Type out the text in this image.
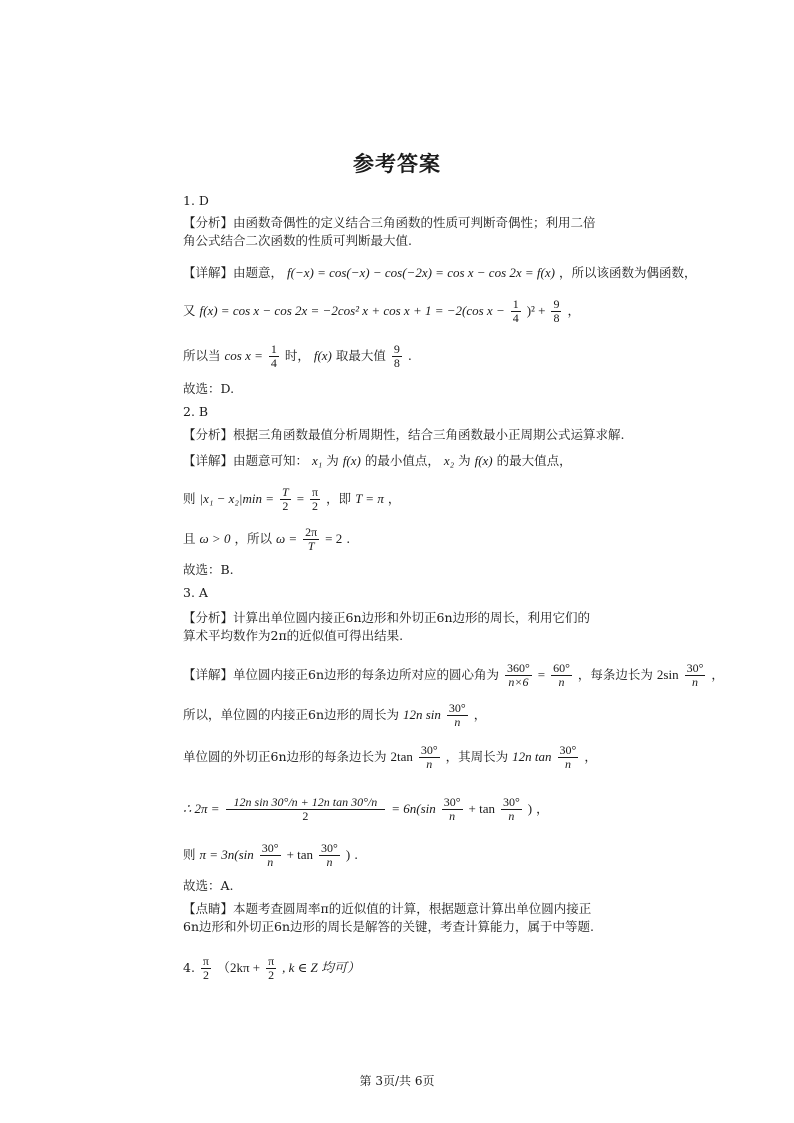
参考答案
1. D
【分析】由函数奇偶性的定义结合三角函数的性质可判断奇偶性；利用二倍角公式结合二次函数的性质可判断最大值.
【详解】由题意， f(−x) = cos(−x) − cos(−2x) = cos x − cos 2x = f(x) ，所以该函数为偶函数，
又 f(x) = cos x − cos 2x = −2cos² x + cos x + 1 = −2(cos $x - \frac{1}{4} )^2 + \frac{9}{8}$ ，
所以当 $\cos x = \frac{1}{4}$ 时， f(x) 取最大值 $\frac{9}{8}$ .
故选：D.
2. B
【分析】根据三角函数最值分析周期性，结合三角函数最小正周期公式运算求解.
【详解】由题意可知： x₁ 为 f(x) 的最小值点， x₂ 为 f(x) 的最大值点，
则 $|x_1 - x_2|\min = \frac{T}{2} = \frac{\pi}{2}$ ，即 T = π ，
且 ω > 0 ，所以 $\omega = \frac{2\pi}{T} = 2$ .
故选：B.
3. A
【分析】计算出单位圆内接正6n边形和外切正6n边形的周长，利用它们的算术平均数作为2π的近似值可得出结果.
【详解】单位圆内接正6n边形的每条边所对应的圆心角为 $\frac{360^\circ}{n\times 6} = \frac{60^\circ}{n}$ ，每条边长为 $2\sin \frac{30^\circ}{n}$ ，
所以，单位圆的内接正6n边形的周长为 12n $\sin \frac{30^\circ}{n}$ ，
单位圆的外切正6n边形的每条边长为 $2\tan \frac{30^\circ}{n}$ ，其周长为 12n $\tan \frac{30^\circ}{n}$ ，
∴ $2\pi = \frac{\text{12n sin 30°/n + 12n tan 30°/n}}{2} = 6n(\sin \frac{30^\circ}{n} + \tan \frac{30^\circ}{n}$ ) ，
则 $\pi = 3n(\sin \frac{30^\circ}{n} + \tan \frac{30^\circ}{n}$ ) .
故选：A.
【点睛】本题考查圆周率π的近似值的计算，根据题意计算出单位圆内接正6n边形和外切正6n边形的周长是解答的关键，考查计算能力，属于中等题.
4. $\frac{\pi}{2} (2k\pi + \frac{\pi}{2}$ , k ∈ Z 均可）
第 3页/共 6页
